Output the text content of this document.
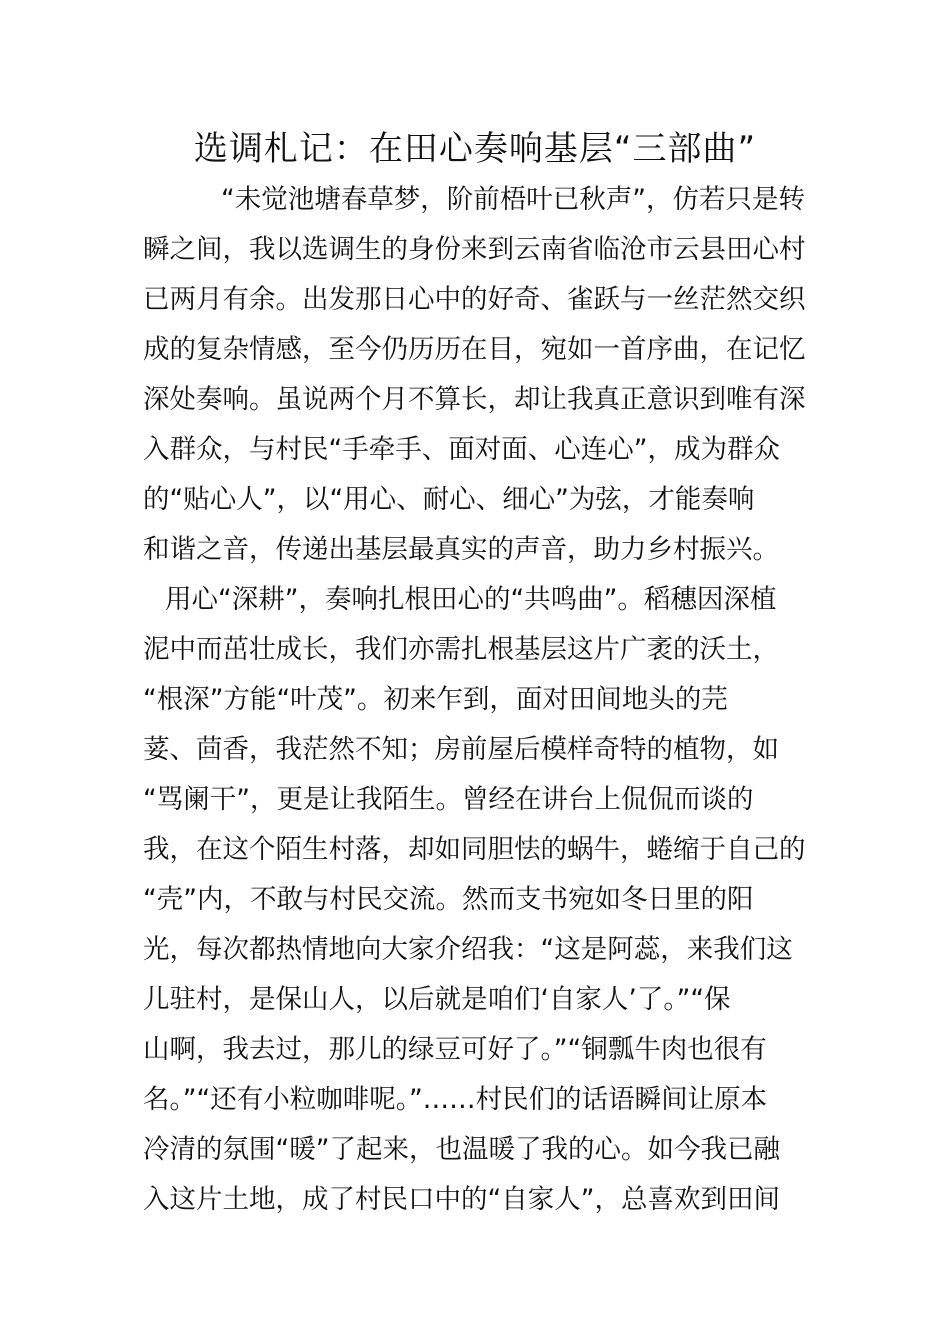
选调札记：在田心奏响基层“三部曲”
“未觉池塘春草梦，阶前梧叶已秋声”，仿若只是转
瞬之间，我以选调生的身份来到云南省临沧市云县田心村
已两月有余。出发那日心中的好奇、雀跃与一丝茫然交织
成的复杂情感，至今仍历历在目，宛如一首序曲，在记忆
深处奏响。虽说两个月不算长，却让我真正意识到唯有深
入群众，与村民“手牵手、面对面、心连心”，成为群众
的“贴心人”，以“用心、耐心、细心”为弦，才能奏响
和谐之音，传递出基层最真实的声音，助力乡村振兴。
用心“深耕”，奏响扎根田心的“共鸣曲”。稻穗因深植
泥中而茁壮成长，我们亦需扎根基层这片广袤的沃土，
“根深”方能“叶茂”。初来乍到，面对田间地头的芫
荽、茴香，我茫然不知；房前屋后模样奇特的植物，如
“骂阑干”，更是让我陌生。曾经在讲台上侃侃而谈的
我，在这个陌生村落，却如同胆怯的蜗牛，蜷缩于自己的
“壳”内，不敢与村民交流。然而支书宛如冬日里的阳
光，每次都热情地向大家介绍我：“这是阿蕊，来我们这
儿驻村，是保山人，以后就是咱们‘自家人’了。”“保
山啊，我去过，那儿的绿豆可好了。”“铜瓢牛肉也很有
名。”“还有小粒咖啡呢。”……村民们的话语瞬间让原本
冷清的氛围“暖”了起来，也温暖了我的心。如今我已融
入这片土地，成了村民口中的“自家人”，总喜欢到田间
